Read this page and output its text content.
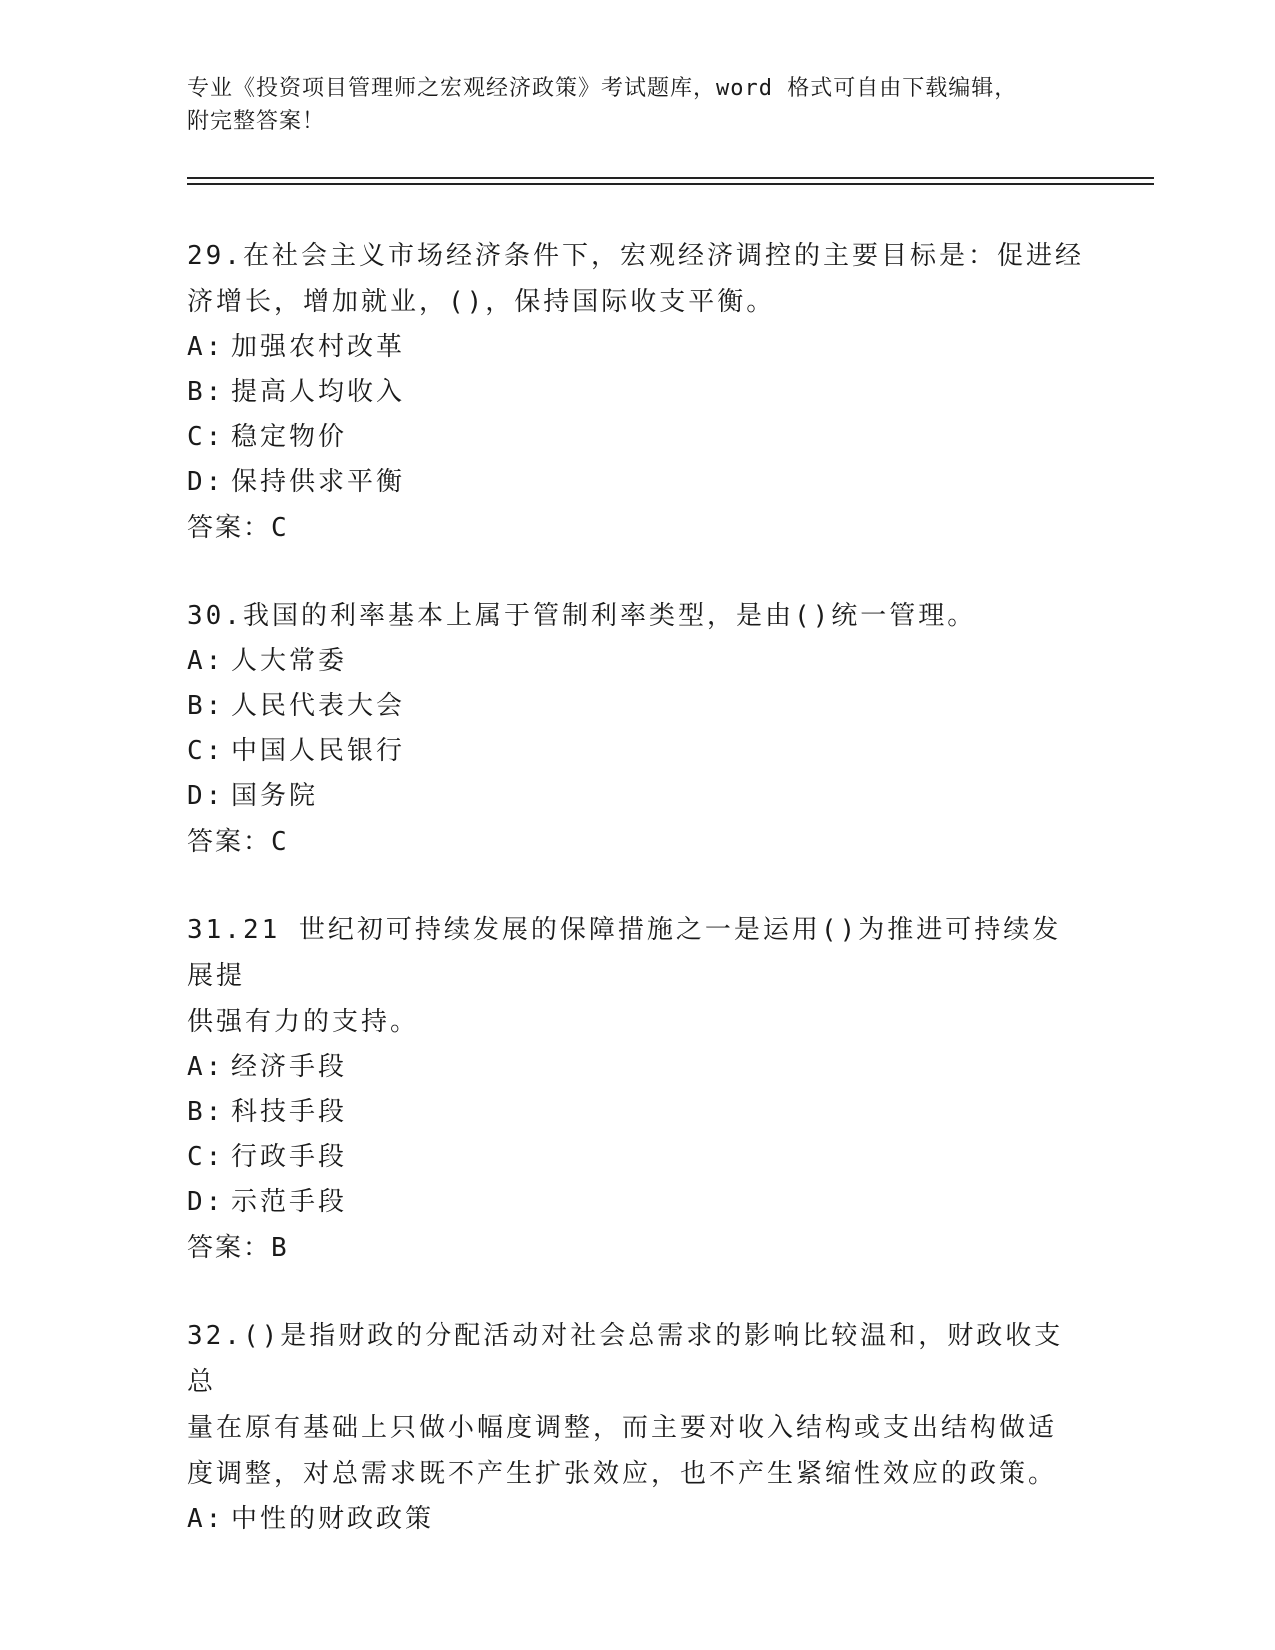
专业《投资项目管理师之宏观经济政策》考试题库，word 格式可自由下载编辑，
附完整答案！

29.在社会主义市场经济条件下，宏观经济调控的主要目标是：促进经

济增长，增加就业，()，保持国际收支平衡。

A: 加强农村改革

B: 提高人均收入

C: 稳定物价

D: 保持供求平衡

答案：C

30.我国的利率基本上属于管制利率类型，是由()统一管理。

A: 人大常委

B: 人民代表大会

C: 中国人民银行

D: 国务院

答案：C

31.21 世纪初可持续发展的保障措施之一是运用()为推进可持续发展提

供强有力的支持。

A: 经济手段

B: 科技手段

C: 行政手段

D: 示范手段

答案：B

32.()是指财政的分配活动对社会总需求的影响比较温和，财政收支总

量在原有基础上只做小幅度调整，而主要对收入结构或支出结构做适

度调整，对总需求既不产生扩张效应，也不产生紧缩性效应的政策。

A: 中性的财政政策
